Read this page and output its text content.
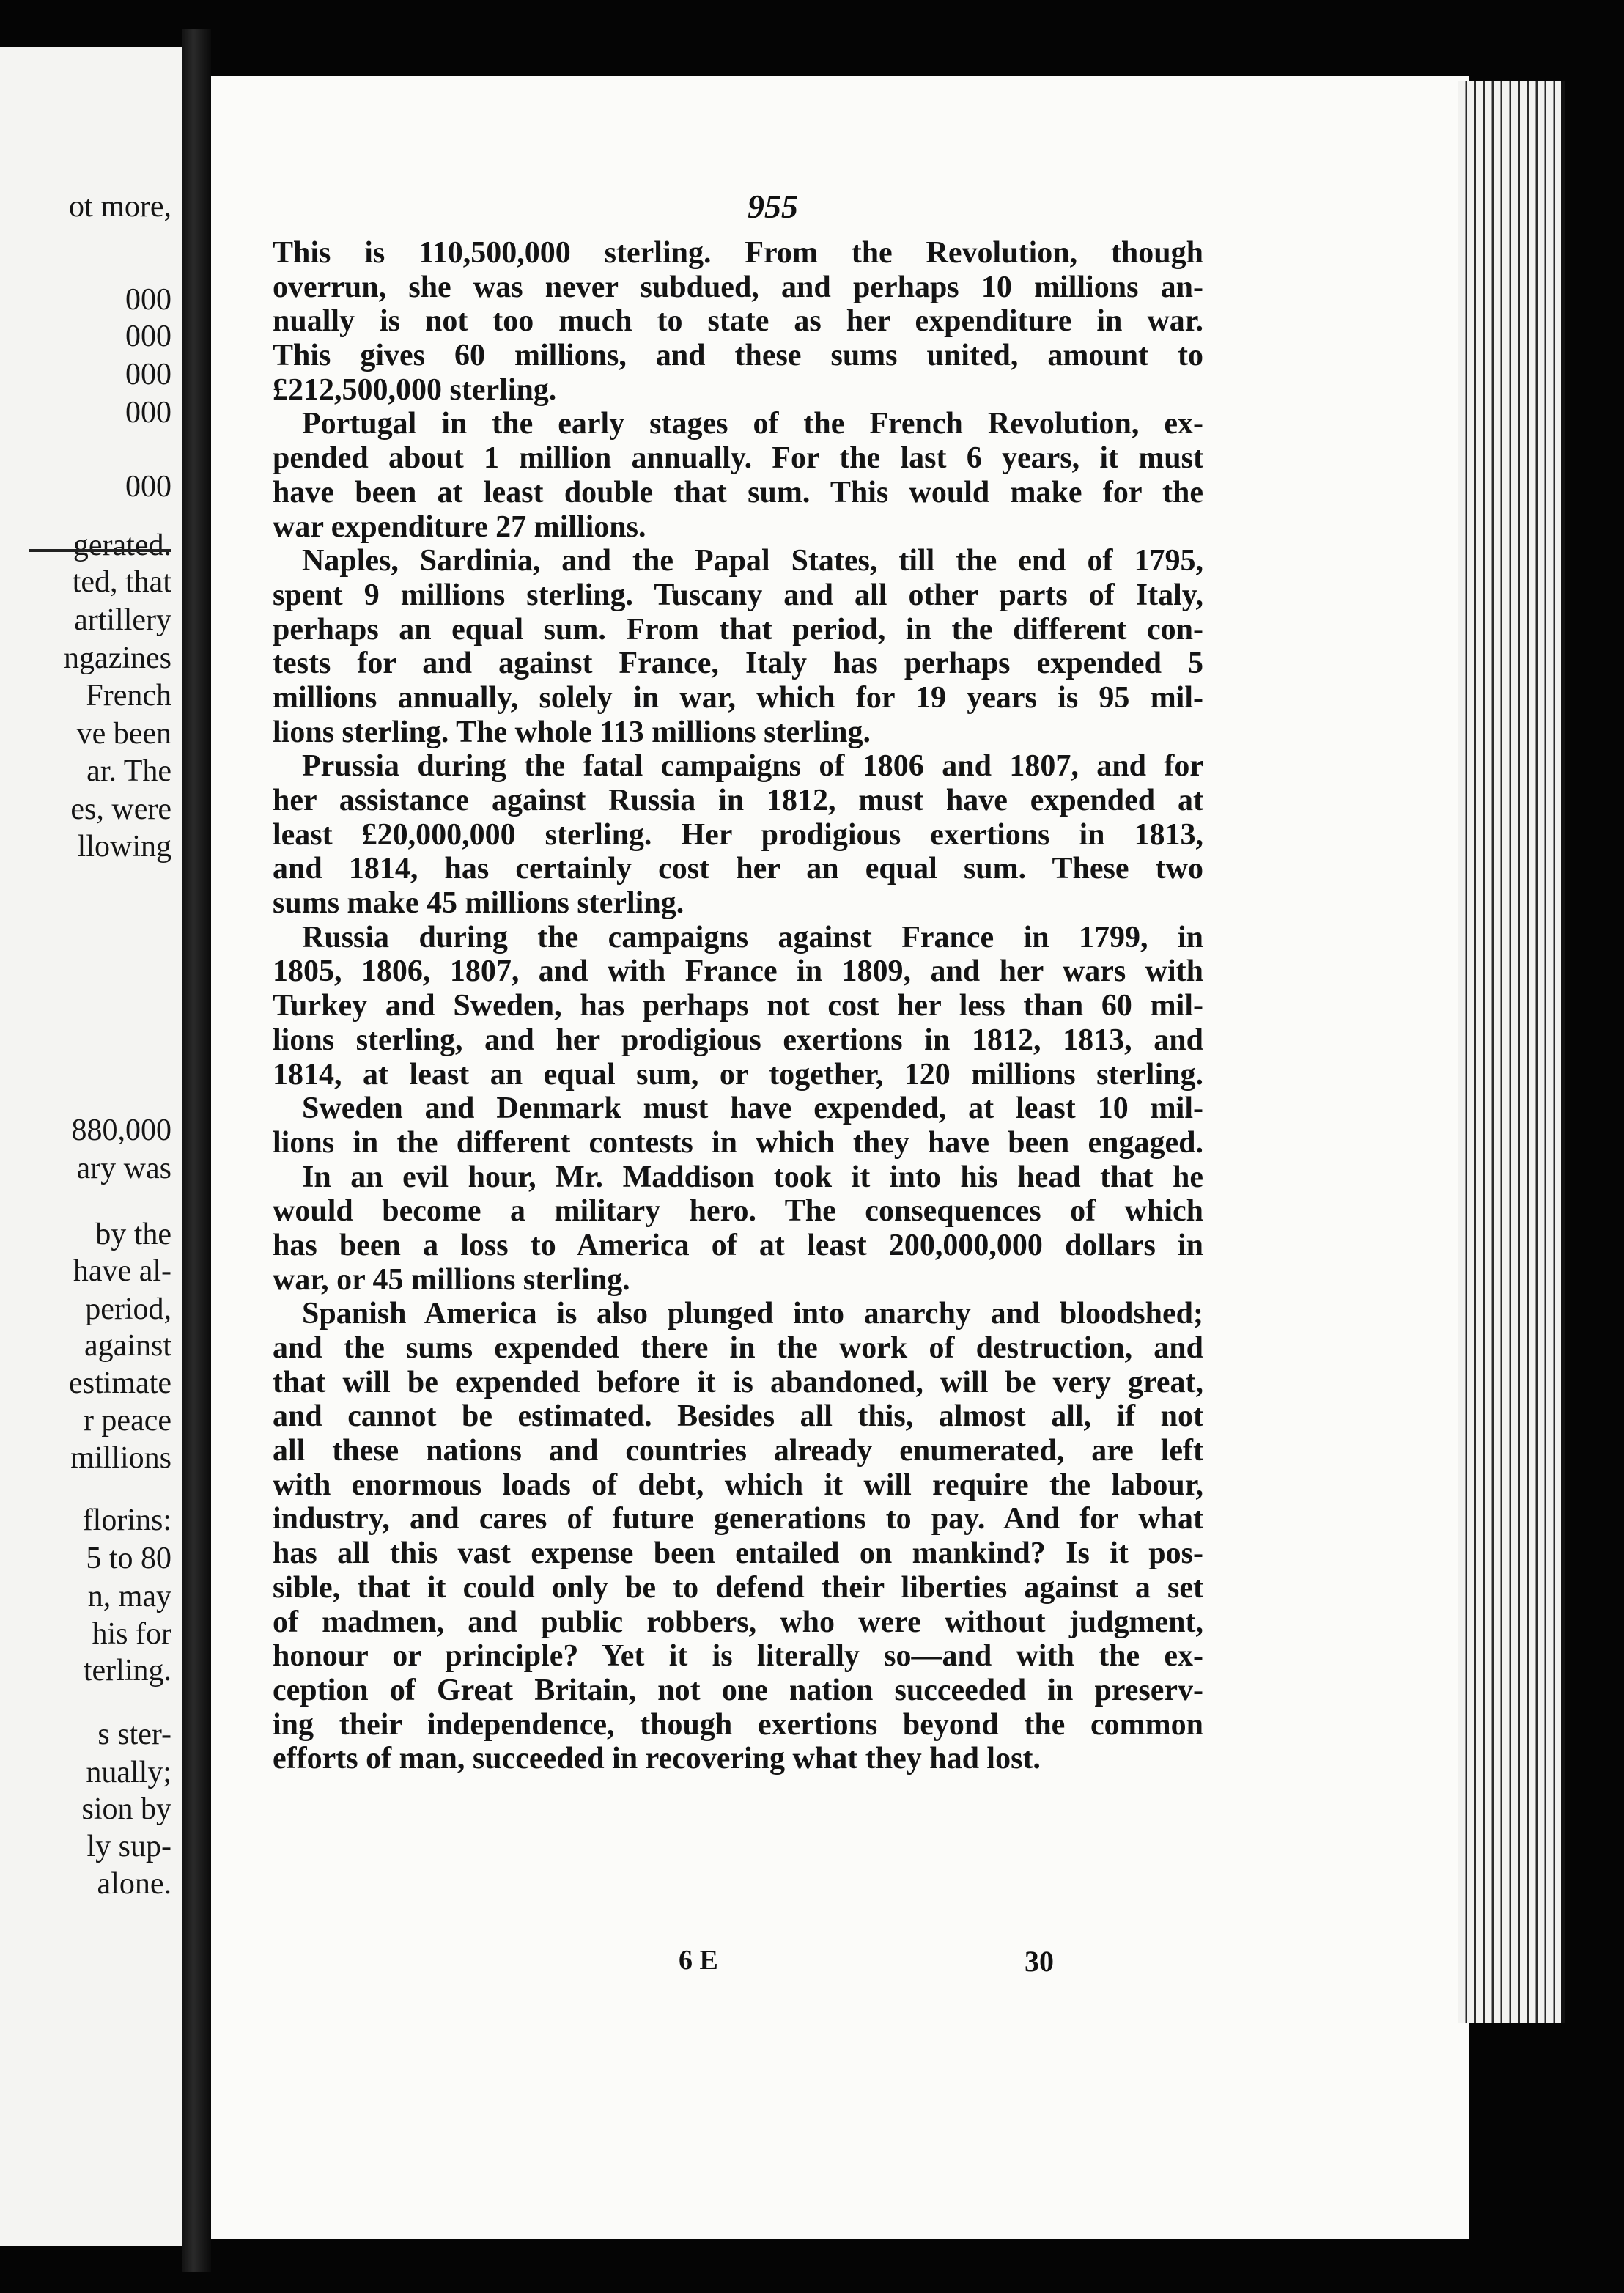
ot more,
000
000
000
000
000
gerated.
ted, that
artillery
ngazines
French
ve been
ar. The
es, were
llowing
880,000
ary was
by the
have al-
period,
against
estimate
r peace
millions
florins:
5 to 80
n, may
his for
terling.
s ster-
nually;
sion by
ly sup-
alone.
955
This is 110,500,000 sterling. From the Revolution, though
overrun, she was never subdued, and perhaps 10 millions an-
nually is not too much to state as her expenditure in war.
This gives 60 millions, and these sums united, amount to
£212,500,000 sterling.
Portugal in the early stages of the French Revolution, ex-
pended about 1 million annually. For the last 6 years, it must
have been at least double that sum. This would make for the
war expenditure 27 millions.
Naples, Sardinia, and the Papal States, till the end of 1795,
spent 9 millions sterling. Tuscany and all other parts of Italy,
perhaps an equal sum. From that period, in the different con-
tests for and against France, Italy has perhaps expended 5
millions annually, solely in war, which for 19 years is 95 mil-
lions sterling. The whole 113 millions sterling.
Prussia during the fatal campaigns of 1806 and 1807, and for
her assistance against Russia in 1812, must have expended at
least £20,000,000 sterling. Her prodigious exertions in 1813,
and 1814, has certainly cost her an equal sum. These two
sums make 45 millions sterling.
Russia during the campaigns against France in 1799, in
1805, 1806, 1807, and with France in 1809, and her wars with
Turkey and Sweden, has perhaps not cost her less than 60 mil-
lions sterling, and her prodigious exertions in 1812, 1813, and
1814, at least an equal sum, or together, 120 millions sterling.
Sweden and Denmark must have expended, at least 10 mil-
lions in the different contests in which they have been engaged.
In an evil hour, Mr. Maddison took it into his head that he
would become a military hero. The consequences of which
has been a loss to America of at least 200,000,000 dollars in
war, or 45 millions sterling.
Spanish America is also plunged into anarchy and bloodshed;
and the sums expended there in the work of destruction, and
that will be expended before it is abandoned, will be very great,
and cannot be estimated. Besides all this, almost all, if not
all these nations and countries already enumerated, are left
with enormous loads of debt, which it will require the labour,
industry, and cares of future generations to pay. And for what
has all this vast expense been entailed on mankind? Is it pos-
sible, that it could only be to defend their liberties against a set
of madmen, and public robbers, who were without judgment,
honour or principle? Yet it is literally so—and with the ex-
ception of Great Britain, not one nation succeeded in preserv-
ing their independence, though exertions beyond the common
efforts of man, succeeded in recovering what they had lost.
6 E	30
